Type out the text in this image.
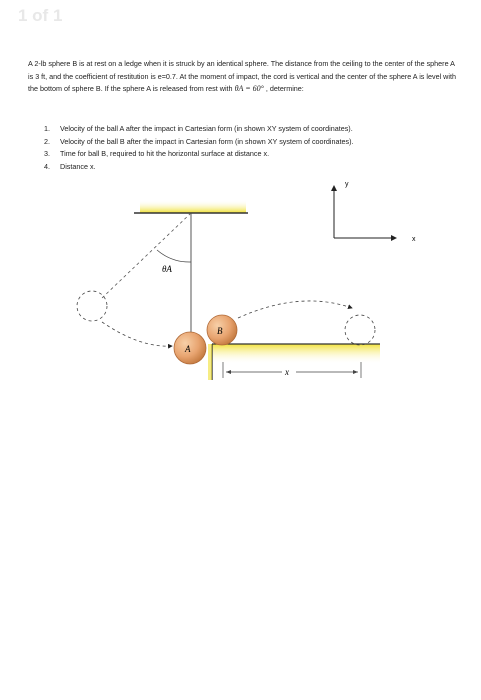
1 of 1
A 2-lb sphere B is at rest on a ledge when it is struck by an identical sphere. The distance from the ceiling to the center of the sphere A is 3 ft, and the coefficient of restitution is e=0.7. At the moment of impact, the cord is vertical and the center of the sphere A is level with the bottom of sphere B. If the sphere A is released from rest with θA = 60° , determine:
1.	Velocity of the ball A after the impact in Cartesian form (in shown XY system of coordinates).
2.	Velocity of the ball B after the impact in Cartesian form (in shown XY system of coordinates).
3.	Time for ball B, required to hit the horizontal surface at distance x.
4.	Distance x.
y
x
θA
A
B
x
